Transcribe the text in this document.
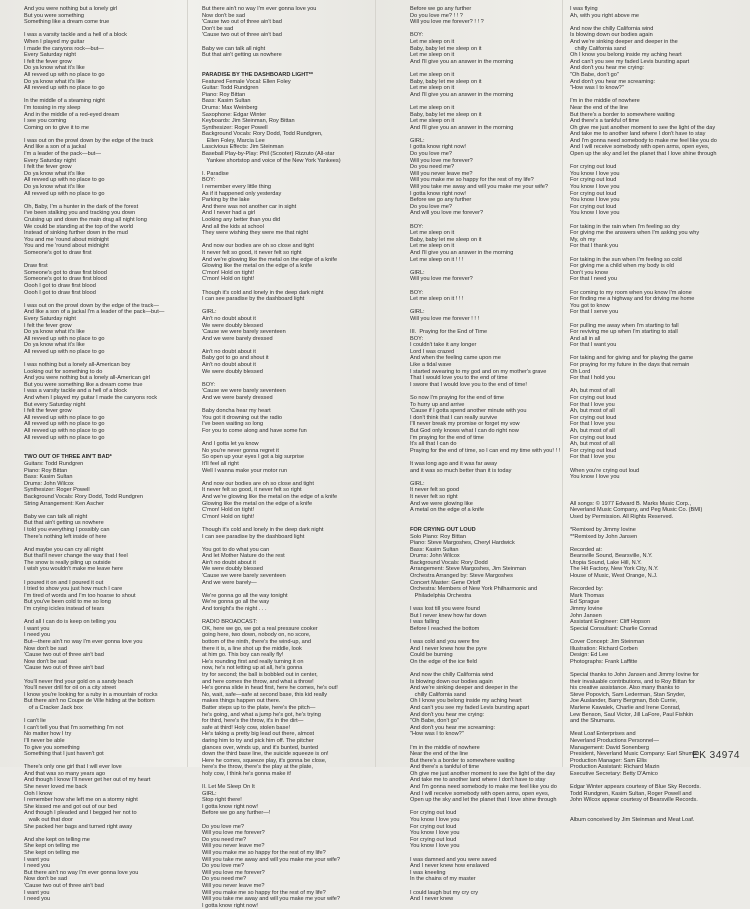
And you were nothing but a lonely girl
But you were something
Something like a dream come true

I was a varsity tackle and a hell of a block
When I played my guitar
I made the canyons rock—but—
Every Saturday night
I felt the fever grow
Do ya know what it's like
All revved up with no place to go
Do ya know what it's like
All revved up with no place to go

In the middle of a steaming night
I'm tossing in my sleep
And in the middle of a red-eyed dream
I see you coming
Coming on to give it to me

I was out on the prowl down by the edge of the track
And like a son of a jackal
I'm a leader of the pack—but—
Every Saturday night
I felt the fever grow
Do ya know what it's like
All revved up with no place to go
Do ya know what it's like
All revved up with no place to go

Oh, Baby, I'm a hunter in the dark of the forest
I've been stalking you and tracking you down
Cruising up and down the main drag all night long
We could be standing at the top of the world
Instead of sinking further down in the mud
You and me 'round about midnight
You and me 'round about midnight
Someone's got to draw first

Draw first
Someone's got to draw first blood
Someone's got to draw first blood
Oooh I got to draw first blood
Oooh I got to draw first blood

I was out on the prowl down by the edge of the track—
And like a son of a jackal I'm a leader of the pack—but—
Every Saturday night
I felt the fever grow
Do ya know what it's like
All revved up with no place to go
Do ya know what it's like
All revved up with no place to go

I was nothing but a lonely all-American boy
Looking out for something to do
And you were nothing but a lonely all-American girl
But you were something like a dream come true
I was a varsity tackle and a hell of a block
And when I played my guitar I made the canyons rock
But every Saturday night
I felt the fever grow
All revved up with no place to go
All revved up with no place to go
All revved up with no place to go
All revved up with no place to go

TWO OUT OF THREE AIN'T BAD*
Guitars: Todd Rundgren
Piano: Roy Bittan
Bass: Kasim Sultan
Drums: John Wilcox
Synthesizer: Roger Powell
Background Vocals: Rory Dodd, Todd Rundgren
String Arrangement: Ken Ascher

Baby we can talk all night
But that ain't getting us nowhere
I told you everything I possibly can
There's nothing left inside of here

And maybe you can cry all night
But that'll never change the way that I feel
The snow is really piling up outside
I wish you wouldn't make me leave here

I poured it on and I poured it out
I tried to show you just how much I care
I'm tired of words and I'm too hoarse to shout
But you've been cold to me so long
I'm crying icicles instead of tears

And all I can do is keep on telling you
I want you
I need you
But—there ain't no way I'm ever gonna love you
Now don't be sad
'Cause two out of three ain't bad
Now don't be sad
'Cause two out of three ain't bad

You'll never find your gold on a sandy beach
You'll never drill for oil on a city street
I know you're looking for a ruby in a mountain of rocks
But there ain't no Coupe de Ville hiding at the bottom
of a Cracker Jack box

I can't lie
I can't tell you that I'm something I'm not
No matter how I try
I'll never be able
To give you something
Something that I just haven't got

There's only one girl that I will ever love
And that was so many years ago
And though I know I'll never get her out of my heart
She never loved me back
Ooh I know
I remember how she left me on a stormy night
She kissed me and got out of our bed
And though I pleaded and I begged her not to
walk out that door
She packed her bags and turned right away

And she kept on telling me
She kept on telling me
She kept on telling me
I want you
I need you
But there ain't no way I'm ever gonna love you
Now don't be sad
'Cause two out of three ain't bad
I want you
I need you
But there ain't no way I'm ever gonna love you
Now don't be sad
'Cause two out of three ain't bad
Don't be sad
'Cause two out of three ain't bad

Baby we can talk all night
But that ain't getting us nowhere

PARADISE BY THE DASHBOARD LIGHT**
Featured Female Vocal: Ellen Foley
Guitar: Todd Rundgren
Piano: Roy Bittan
Bass: Kasim Sultan
Drums: Max Weinberg
Saxophone: Edgar Winter
Keyboards: Jim Steinman, Roy Bittan
Synthesizer: Roger Powell
Background Vocals: Rory Dodd, Todd Rundgren,
Ellen Foley, Marcia Lee
Lascivious Effects: Jim Steinman
Baseball Play-by-Play: Phil (Scooter) Rizzuto (All-star
Yankee shortstop and voice of the New York Yankees)

I. Paradise
BOY:
I remember every little thing
As if it happened only yesterday
Parking by the lake
And there was not another car in sight
And I never had a girl
Looking any better than you did
And all the kids at school
They were wishing they were me that night

And now our bodies are oh so close and tight
It never felt so good, it never felt so right
And we're glowing like the metal on the edge of a knife
Glowing like the metal on the edge of a knife
C'mon! Hold on tight!
C'mon! Hold on tight!

Though it's cold and lonely in the deep dark night
I can see paradise by the dashboard light

GIRL:
Ain't no doubt about it
We were doubly blessed
'Cause we were barely seventeen
And we were barely dressed

Ain't no doubt about it
Baby got to go and shout it
Ain't no doubt about it
We were doubly blessed

BOY:
'Cause we were barely seventeen
And we were barely dressed

Baby doncha hear my heart
You got it drowning out the radio
I've been waiting so long
For you to come along and have some fun

And I gotta let ya know
No you're never gonna regret it
So open up your eyes I got a big surprise
It'll feel all right
Well I wanna make your motor run

And now our bodies are oh so close and tight
It never felt so good, it never felt so right
And we're glowing like the metal on the edge of a knife
Glowing like the metal on the edge of a knife
C'mon! Hold on tight!
C'mon! Hold on tight!

Though it's cold and lonely in the deep dark night
I can see paradise by the dashboard light

You got to do what you can
And let Mother Nature do the rest
Ain't no doubt about it
We were doubly blessed
'Cause we were barely seventeen
And we were barely—

We're gonna go all the way tonight
We're gonna go all the way
And tonight's the night . . .

RADIO BROADCAST:
OK, here we go, we got a real pressure cooker
going here, two down, nobody on, no score,
bottom of the ninth, there's the wind-up, and
there it is, a line shot up the middle, look
at him go. This boy can really fly!
He's rounding first and really turning it on
now, he's not letting up at all, he's gonna
try for second; the ball is bobbled out in center,
and here comes the throw, and what a throw!
He's gonna slide in head first, here he comes, he's out!
No, wait, safe—safe at second base, this kid really
makes things happen out there.
Batter steps up to the plate, here's the pitch—
he's going, and what a jump he's got, he's trying
for third, here's the throw, it's in the dirt—
safe at third! Holy cow, stolen base!
He's taking a pretty big lead out there, almost
daring him to try and pick him off. The pitcher
glances over, winds up, and it's bunted, bunted
down the third base line, the suicide squeeze is on!
Here he comes, squeeze play, it's gonna be close,
here's the throw, there's the play at the plate,
holy cow, I think he's gonna make it!

II. Let Me Sleep On It
GIRL:
Stop right there!
I gotta know right now!
Before we go any further—!

Do you love me?
Will you love me forever?
Do you need me?
Will you never leave me?
Will you make me so happy for the rest of my life?
Will you take me away and will you make me your wife?
Do you love me?
Will you love me forever?
Do you need me?
Will you never leave me?
Will you make me so happy for the rest of my life?
Will you take me away and will you make me your wife?
I gotta know right now!
Before we go any further
Do you love me? ! ! ?
Will you love me forever? ! ! ?

BOY:
Let me sleep on it
Baby, baby let me sleep on it
Let me sleep on it
And I'll give you an answer in the morning

Let me sleep on it
Baby, baby let me sleep on it
Let me sleep on it
And I'll give you an answer in the morning

Let me sleep on it
Baby, baby let me sleep on it
Let me sleep on it
And I'll give you an answer in the morning

GIRL:
I gotta know right now!
Do you love me?
Will you love me forever?
Do you need me?
Will you never leave me?
Will you make me so happy for the rest of my life?
Will you take me away and will you make me your wife?
I gotta know right now!
Before we go any further
Do you love me?
And will you love me forever?

BOY:
Let me sleep on it
Baby, baby let me sleep on it
Let me sleep on it
And I'll give you an answer in the morning
Let me sleep on it ! ! !

GIRL:
Will you love me forever?

BOY:
Let me sleep on it ! ! !

GIRL:
Will you love me forever ! ! !

III.  Praying for the End of Time
BOY:
I couldn't take it any longer
Lord I was crazed
And when the feeling came upon me
Like a tidal wave
I started swearing to my god and on my mother's grave
That I would love you to the end of time
I swore that I would love you to the end of time!

So now I'm praying for the end of time
To hurry up and arrive
'Cause if I gotta spend another minute with you
I don't think that I can really survive
I'll never break my promise or forget my vow
But God only knows what I can do right now
I'm praying for the end of time
It's all that I can do
Praying for the end of time, so I can end my time with you! ! !

It was long ago and it was far away
and it was so much better than it is today

GIRL:
It never felt so good
It never felt so right
And we were glowing like
A metal on the edge of a knife

FOR CRYING OUT LOUD
Solo Piano: Roy Bittan
Piano: Steve Margoshes, Cheryl Hardwick
Bass: Kasim Sultan
Drums: John Wilcox
Background Vocals: Rory Dodd
Arrangement: Steve Margoshes, Jim Steinman
Orchestra Arranged by: Steve Margoshes
Concert Master: Gene Orloff
Orchestra: Members of New York Philharmonic and
Philadelphia Orchestra

I was lost till you were found
But I never knew how far down
I was falling
Before I reached the bottom

I was cold and you were fire
And I never knew how the pyre
Could be burning
On the edge of the ice field

And now the chilly California wind
Is blowing down our bodies again
And we're sinking deeper and deeper in the
chilly California sand
Oh I know you belong inside my aching heart
And can't you see my faded Levis bursting apart
And don't you hear me crying:
"Oh Babe, don't go"
And don't you hear me screaming:
"How was I to know?"

I'm in the middle of nowhere
Near the end of the line
But there's a border to somewhere waiting
And there's a tankful of time
Oh give me just another moment to see the light of the day
And take me to another land where I don't have to stay
And I'm gonna need somebody to make me feel like you do
And I will receive somebody with open arms, open eyes,
Open up the sky and let the planet that I love shine through

For crying out loud
You know I love you
For crying out loud
You know I love you
For crying out loud
You know I love you

I was damned and you were saved
And I never knew how enslaved
I was kneeling
In the chains of my master

I could laugh but my cry cry
And I never knew
I was flying
Ah, with you right above me

And now the chilly California wind
Is blowing down our bodies again
And we're sinking deeper and deeper in the
chilly California sand
Oh I know you belong inside my aching heart
And can't you see my faded Levis bursting apart
And don't you hear me crying:
"Oh Babe, don't go"
And don't you hear me screaming:
"How was I to know?"

I'm in the middle of nowhere
Near the end of the line
But there's a border to somewhere waiting
And there's a tankful of time
Oh give me just another moment to see the light of the day
And take me to another land where I don't have to stay
And I'm gonna need somebody to make me feel like you do
And I will receive somebody with open arms, open eyes,
Open up the sky and let the planet that I love shine through

For crying out loud
You know I love you
For crying out loud
You know I love you
For crying out loud
You know I love you
For crying out loud
You know I love you

For taking in the rain when I'm feeling so dry
For giving me the answers when I'm asking you why
My, oh my
For that I thank you

For taking in the sun when I'm feeling so cold
For giving me a child when my body is old
Don't you know
For that I need you

For coming to my room when you know I'm alone
For finding me a highway and for driving me home
You got to know
For that I serve you

For pulling me away when I'm starting to fall
For reviving me up when I'm starting to stall
And all in all
For that I want you

For taking and for giving and for playing the game
For praying for my future in the days that remain
Oh Lord
For that I hold you

Ah, but most of all
For crying out loud
For that I love you
Ah, but most of all
For crying out loud
For that I love you
Ah, but most of all
For crying out loud
Ah, but most of all
For crying out loud
For that I love you

When you're crying out loud
You know I love you

All songs: © 1977 Edward B. Marks Music Corp.,
Neverland Music Company, and Peg Music Co. (BMI)
Used by Permission. All Rights Reserved.

*Remixed by Jimmy Iovine
**Remixed by John Jansen

Recorded at:
Bearsville Sound, Bearsville, N.Y.
Utopia Sound, Lake Hill, N.Y.
The Hit Factory, New York City, N.Y.
House of Music, West Orange, N.J.

Recorded by:
Mark Thomas
Ed Sprague
Jimmy Iovine
John Jansen
Assistant Engineer: Cliff Hopson
Special Consultant: Charlie Conrad

Cover Concept: Jim Steinman
Illustration: Richard Corben
Design: Ed Lee
Photographs: Frank Laffitte

Special thanks to John Jansen and Jimmy Iovine for
their invaluable contributions, and to Roy Bittan for
his creative assistance. Also many thanks to
Steve Popovich, Sam Lederman, Stan Snyder,
Joe Auslander, Barry Bergman, Bob Currie,
Marlene Kawalek, Charlie and Irene Conrad,
Lew Benson, Saul Victor, Jill LaFore, Paul Fishkin
and the Shumans.

Meat Loaf Enterprises and
Neverland Productions Personnel—
Management: David Sonenberg
President, Neverland Music Company: Earl Shuman
Production Manager: Sam Ellis
Production Assistant: Richard Mazin
Executive Secretary: Betty D'Amico

Edgar Winter appears courtesy of Blue Sky Records.
Todd Rundgren, Kasim Sultan, Roger Powell and
John Wilcox appear courtesy of Bearsville Records.

Album conceived by Jim Steinman and Meat Loaf.
EK 34974
